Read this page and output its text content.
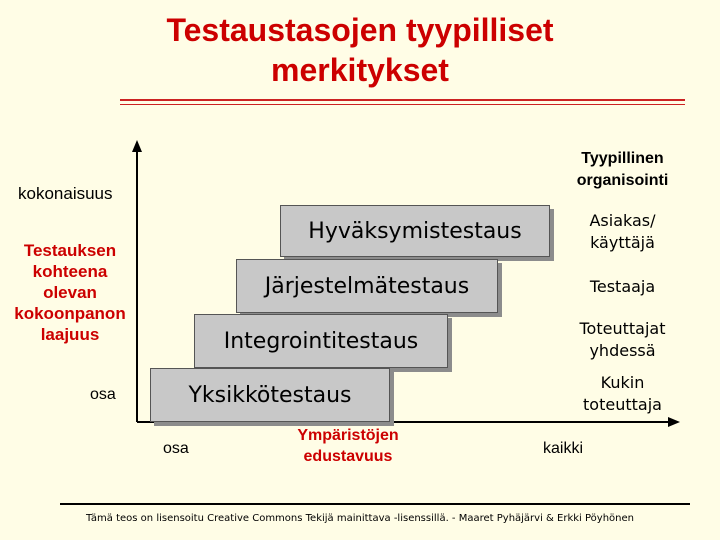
Testaustasojen tyypilliset
merkitykset
kokonaisuus
Testauksen
kohteena
olevan
kokoonpanon
laajuus
osa
Hyväksymistestaus
Järjestelmätestaus
Integrointitestaus
Yksikkötestaus
Tyypillinen
organisointi
Asiakas/
käyttäjä
Testaaja
Toteuttajat
yhdessä
Kukin
toteuttaja
osa
Ympäristöjen
edustavuus	kaikki
Tämä teos on lisensoitu Creative Commons Tekijä mainittava -lisenssillä. - Maaret Pyhäjärvi & Erkki Pöyhönen
